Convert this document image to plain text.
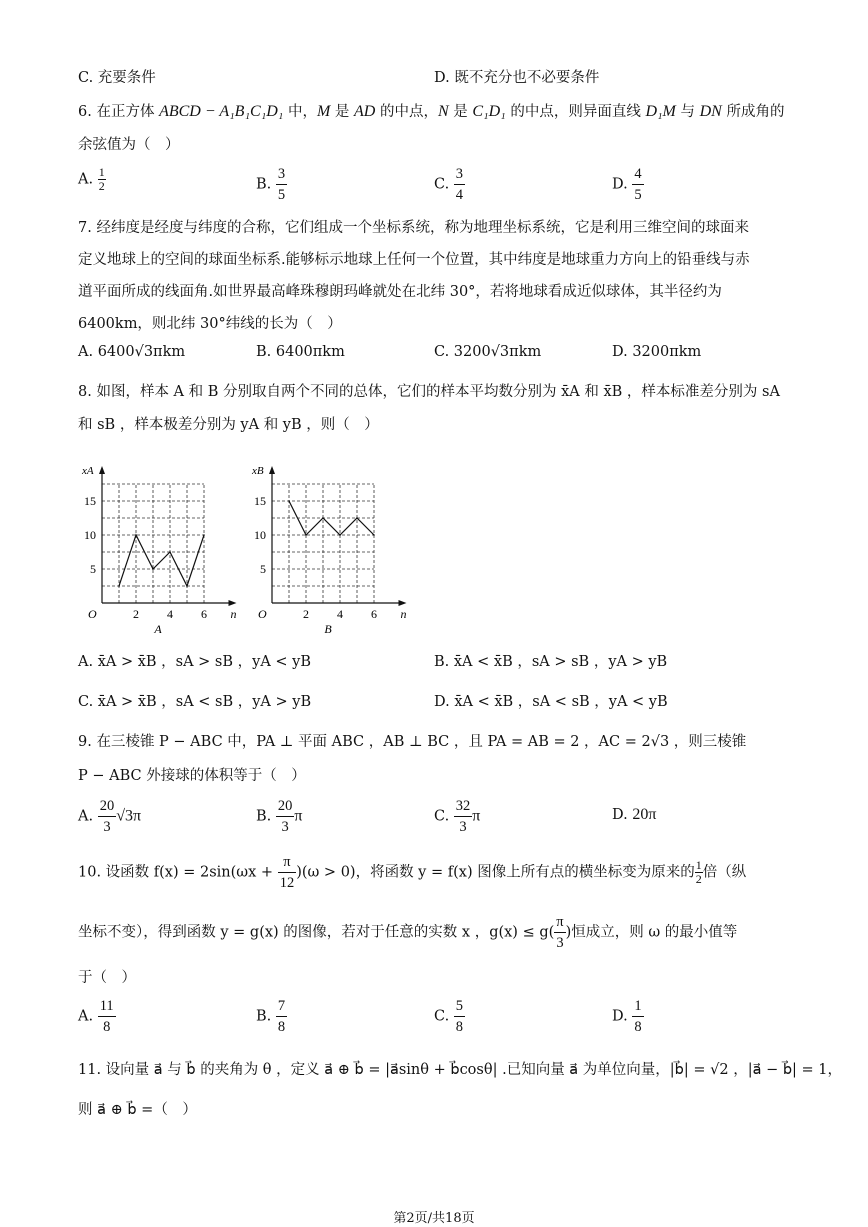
C. 充要条件	D. 既不充分也不必要条件
6. 在正方体 ABCD − A₁B₁C₁D₁ 中，M 是 AD 的中点，N 是 C₁D₁ 的中点，则异面直线 D₁M 与 DN 所成角的
余弦值为（　）
A. $\frac{1}{2}$	B. $\frac{3}{5}$	C. $\frac{3}{4}$	D. $\frac{4}{5}$
7. 经纬度是经度与纬度的合称，它们组成一个坐标系统，称为地理坐标系统，它是利用三维空间的球面来
定义地球上的空间的球面坐标系.能够标示地球上任何一个位置，其中纬度是地球重力方向上的铅垂线与赤
道平面所成的线面角.如世界最高峰珠穆朗玛峰就处在北纬 30°，若将地球看成近似球体，其半径约为
6400km，则北纬 30°纬线的长为（　）
A. 6400√3πkm	B. 6400πkm	C. 3200√3πkm	D. 3200πkm
8. 如图，样本 A 和 B 分别取自两个不同的总体，它们的样本平均数分别为 x̄A 和 x̄B ，样本标准差分别为 sA
和 sB ，样本极差分别为 yA 和 yB ，则（　）
2 4 6
5
10
15
O	n
xA
A
2 4 6
5
10
15
O	n
xB
B
A. x̄A > x̄B ，sA > sB ，yA < yB	B. x̄A < x̄B ，sA > sB ，yA > yB
C. x̄A > x̄B ，sA < sB ，yA > yB	D. x̄A < x̄B ，sA < sB ，yA < yB
9. 在三棱锥 P − ABC 中，PA ⊥ 平面 ABC ，AB ⊥ BC ，且 PA = AB = 2 ，AC = 2√3 ，则三棱锥
P − ABC 外接球的体积等于（　）
A. $\frac{20}{3} √3\pi$	B. $\frac{20}{3}$ π	C. $\frac{32}{3}$ π	D. 20π
10. 设函数 $f(x) = 2\sin(\omega x + \frac{\pi}{12} )(\omega > 0)$，将函数 y = f(x) 图像上所有点的横坐标变为原来的 $\frac{1}{2}$ 倍（纵
坐标不变），得到函数 y = g(x) 的图像，若对于任意的实数 x ，$g(x) \le g( \frac{\pi}{3}$ )恒成立，则 ω 的最小值等
于（　）
A. $\frac{11}{8}$	B. $\frac{7}{8}$	C. $\frac{5}{8}$	D. $\frac{1}{8}$
11. 设向量 a⃗ 与 b⃗ 的夹角为 θ ，定义 a⃗ ⊕ b⃗ = |a⃗sinθ + b⃗cosθ| .已知向量 a⃗ 为单位向量，|b⃗| = √2 ，|a⃗ − b⃗| = 1，
则 a⃗ ⊕ b⃗ =（　）
第2页/共18页
